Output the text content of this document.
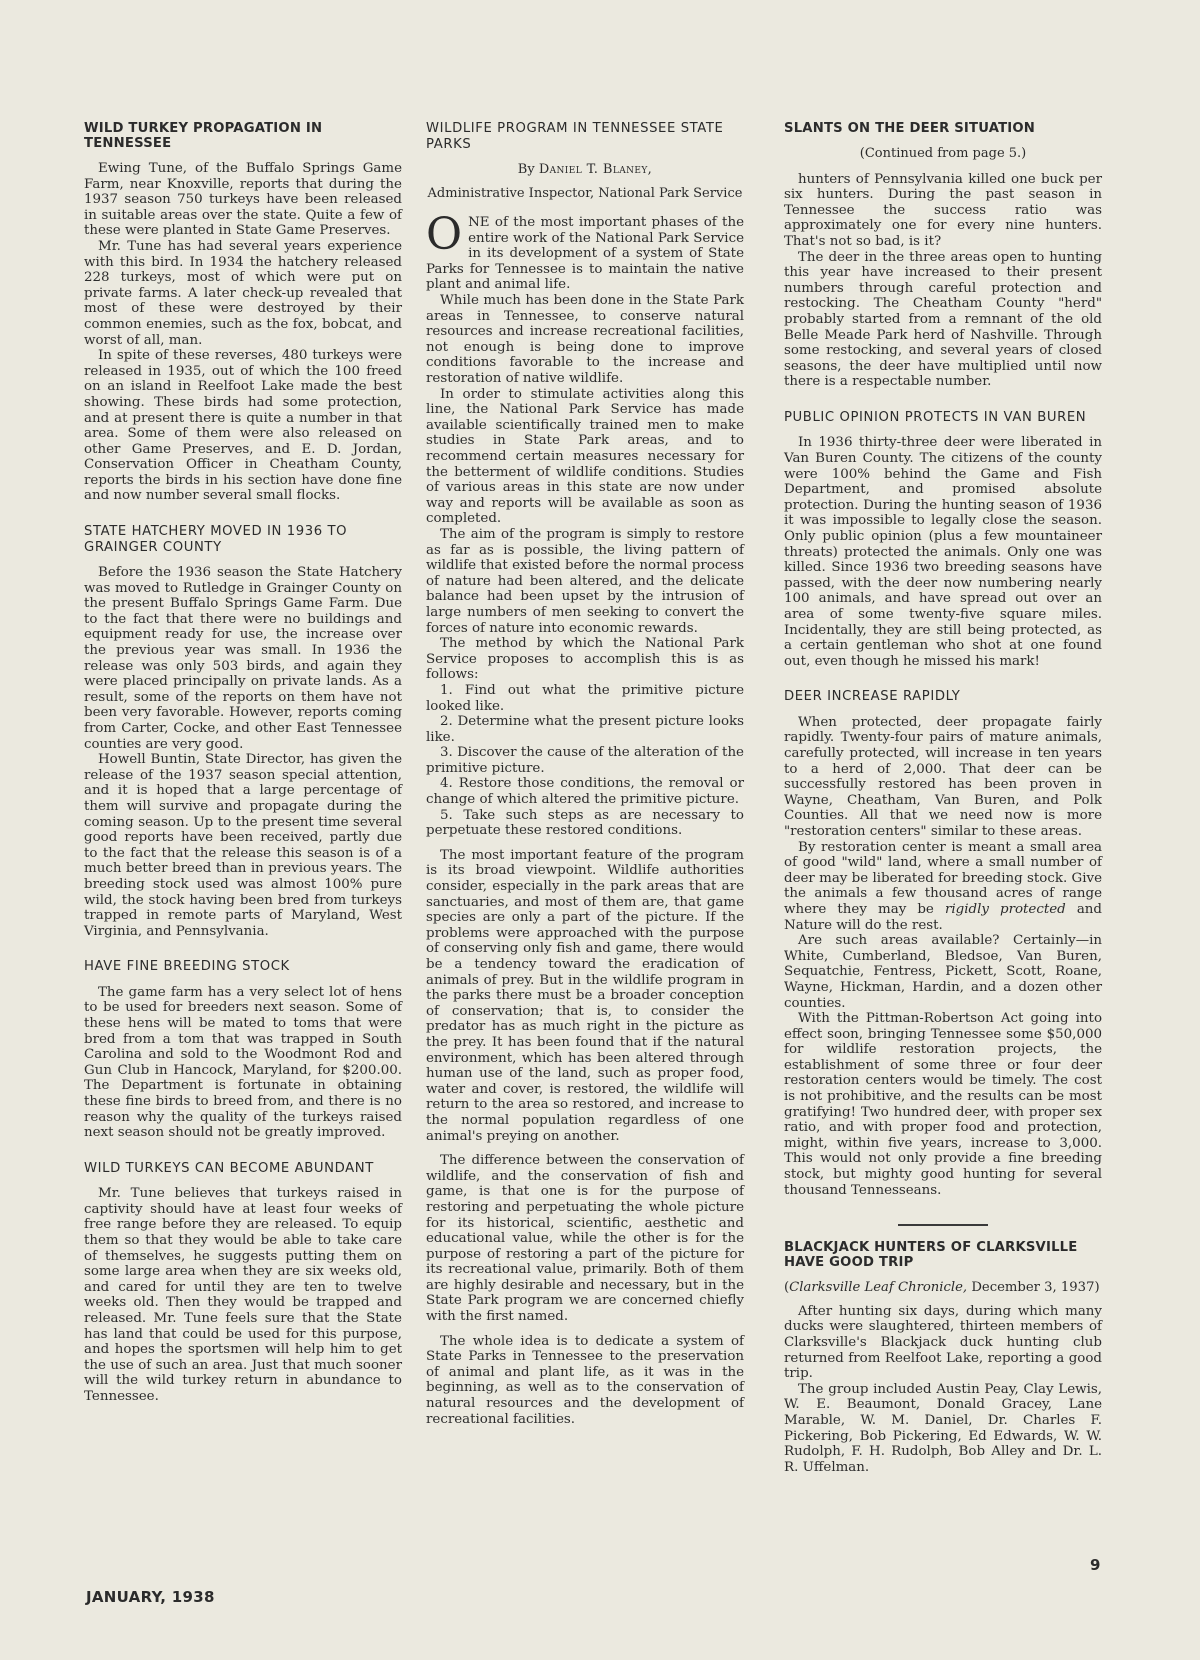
WILD TURKEY PROPAGATION IN TENNESSEE

Ewing Tune, of the Buffalo Springs Game Farm, near Knoxville, reports that during the 1937 season 750 turkeys have been released in suitable areas over the state. Quite a few of these were planted in State Game Preserves.

Mr. Tune has had several years experience with this bird. In 1934 the hatchery released 228 turkeys, most of which were put on private farms. A later check-up revealed that most of these were destroyed by their common enemies, such as the fox, bobcat, and worst of all, man.

In spite of these reverses, 480 turkeys were released in 1935, out of which the 100 freed on an island in Reelfoot Lake made the best showing. These birds had some protection, and at present there is quite a number in that area. Some of them were also released on other Game Preserves, and E. D. Jordan, Conservation Officer in Cheatham County, reports the birds in his section have done fine and now number several small flocks.

STATE HATCHERY MOVED IN 1936 TO GRAINGER COUNTY

Before the 1936 season the State Hatchery was moved to Rutledge in Grainger County on the present Buffalo Springs Game Farm. Due to the fact that there were no buildings and equipment ready for use, the increase over the previous year was small. In 1936 the release was only 503 birds, and again they were placed principally on private lands. As a result, some of the reports on them have not been very favorable. However, reports coming from Carter, Cocke, and other East Tennessee counties are very good.

Howell Buntin, State Director, has given the release of the 1937 season special attention, and it is hoped that a large percentage of them will survive and propagate during the coming season. Up to the present time several good reports have been received, partly due to the fact that the release this season is of a much better breed than in previous years. The breeding stock used was almost 100% pure wild, the stock having been bred from turkeys trapped in remote parts of Maryland, West Virginia, and Pennsylvania.

HAVE FINE BREEDING STOCK

The game farm has a very select lot of hens to be used for breeders next season. Some of these hens will be mated to toms that were bred from a tom that was trapped in South Carolina and sold to the Woodmont Rod and Gun Club in Hancock, Maryland, for $200.00. The Department is fortunate in obtaining these fine birds to breed from, and there is no reason why the quality of the turkeys raised next season should not be greatly improved.

WILD TURKEYS CAN BECOME ABUNDANT

Mr. Tune believes that turkeys raised in captivity should have at least four weeks of free range before they are released. To equip them so that they would be able to take care of themselves, he suggests putting them on some large area when they are six weeks old, and cared for until they are ten to twelve weeks old. Then they would be trapped and released. Mr. Tune feels sure that the State has land that could be used for this purpose, and hopes the sportsmen will help him to get the use of such an area. Just that much sooner will the wild turkey return in abundance to Tennessee.

WILDLIFE PROGRAM IN TENNESSEE STATE PARKS
By Daniel T. Blaney,
Administrative Inspector, National Park Service

ONE of the most important phases of the entire work of the National Park Service in its development of a system of State Parks for Tennessee is to maintain the native plant and animal life.

While much has been done in the State Park areas in Tennessee, to conserve natural resources and increase recreational facilities, not enough is being done to improve conditions favorable to the increase and restoration of native wildlife.

In order to stimulate activities along this line, the National Park Service has made available scientifically trained men to make studies in State Park areas, and to recommend certain measures necessary for the betterment of wildlife conditions. Studies of various areas in this state are now under way and reports will be available as soon as completed.

The aim of the program is simply to restore as far as is possible, the living pattern of wildlife that existed before the normal process of nature had been altered, and the delicate balance had been upset by the intrusion of large numbers of men seeking to convert the forces of nature into economic rewards.

The method by which the National Park Service proposes to accomplish this is as follows:

1. Find out what the primitive picture looked like.

2. Determine what the present picture looks like.

3. Discover the cause of the alteration of the primitive picture.

4. Restore those conditions, the removal or change of which altered the primitive picture.

5. Take such steps as are necessary to perpetuate these restored conditions.

The most important feature of the program is its broad viewpoint. Wildlife authorities consider, especially in the park areas that are sanctuaries, and most of them are, that game species are only a part of the picture. If the problems were approached with the purpose of conserving only fish and game, there would be a tendency toward the eradication of animals of prey. But in the wildlife program in the parks there must be a broader conception of conservation; that is, to consider the predator has as much right in the picture as the prey. It has been found that if the natural environment, which has been altered through human use of the land, such as proper food, water and cover, is restored, the wildlife will return to the area so restored, and increase to the normal population regardless of one animal's preying on another.

The difference between the conservation of wildlife, and the conservation of fish and game, is that one is for the purpose of restoring and perpetuating the whole picture for its historical, scientific, aesthetic and educational value, while the other is for the purpose of restoring a part of the picture for its recreational value, primarily. Both of them are highly desirable and necessary, but in the State Park program we are concerned chiefly with the first named.

The whole idea is to dedicate a system of State Parks in Tennessee to the preservation of animal and plant life, as it was in the beginning, as well as to the conservation of natural resources and the development of recreational facilities.

SLANTS ON THE DEER SITUATION
(Continued from page 5.)

hunters of Pennsylvania killed one buck per six hunters. During the past season in Tennessee the success ratio was approximately one for every nine hunters. That's not so bad, is it?

The deer in the three areas open to hunting this year have increased to their present numbers through careful protection and restocking. The Cheatham County "herd" probably started from a remnant of the old Belle Meade Park herd of Nashville. Through some restocking, and several years of closed seasons, the deer have multiplied until now there is a respectable number.

PUBLIC OPINION PROTECTS IN VAN BUREN

In 1936 thirty-three deer were liberated in Van Buren County. The citizens of the county were 100% behind the Game and Fish Department, and promised absolute protection. During the hunting season of 1936 it was impossible to legally close the season. Only public opinion (plus a few mountaineer threats) protected the animals. Only one was killed. Since 1936 two breeding seasons have passed, with the deer now numbering nearly 100 animals, and have spread out over an area of some twenty-five square miles. Incidentally, they are still being protected, as a certain gentleman who shot at one found out, even though he missed his mark!

DEER INCREASE RAPIDLY

When protected, deer propagate fairly rapidly. Twenty-four pairs of mature animals, carefully protected, will increase in ten years to a herd of 2,000. That deer can be successfully restored has been proven in Wayne, Cheatham, Van Buren, and Polk Counties. All that we need now is more "restoration centers" similar to these areas.

By restoration center is meant a small area of good "wild" land, where a small number of deer may be liberated for breeding stock. Give the animals a few thousand acres of range where they may be rigidly protected and Nature will do the rest.

Are such areas available? Certainly—in White, Cumberland, Bledsoe, Van Buren, Sequatchie, Fentress, Pickett, Scott, Roane, Wayne, Hickman, Hardin, and a dozen other counties.

With the Pittman-Robertson Act going into effect soon, bringing Tennessee some $50,000 for wildlife restoration projects, the establishment of some three or four deer restoration centers would be timely. The cost is not prohibitive, and the results can be most gratifying! Two hundred deer, with proper sex ratio, and with proper food and protection, might, within five years, increase to 3,000. This would not only provide a fine breeding stock, but mighty good hunting for several thousand Tennesseans.

BLACKJACK HUNTERS OF CLARKSVILLE HAVE GOOD TRIP
(Clarksville Leaf Chronicle, December 3, 1937)

After hunting six days, during which many ducks were slaughtered, thirteen members of Clarksville's Blackjack duck hunting club returned from Reelfoot Lake, reporting a good trip.

The group included Austin Peay, Clay Lewis, W. E. Beaumont, Donald Gracey, Lane Marable, W. M. Daniel, Dr. Charles F. Pickering, Bob Pickering, Ed Edwards, W. W. Rudolph, F. H. Rudolph, Bob Alley and Dr. L. R. Uffelman.

JANUARY, 1938
9
